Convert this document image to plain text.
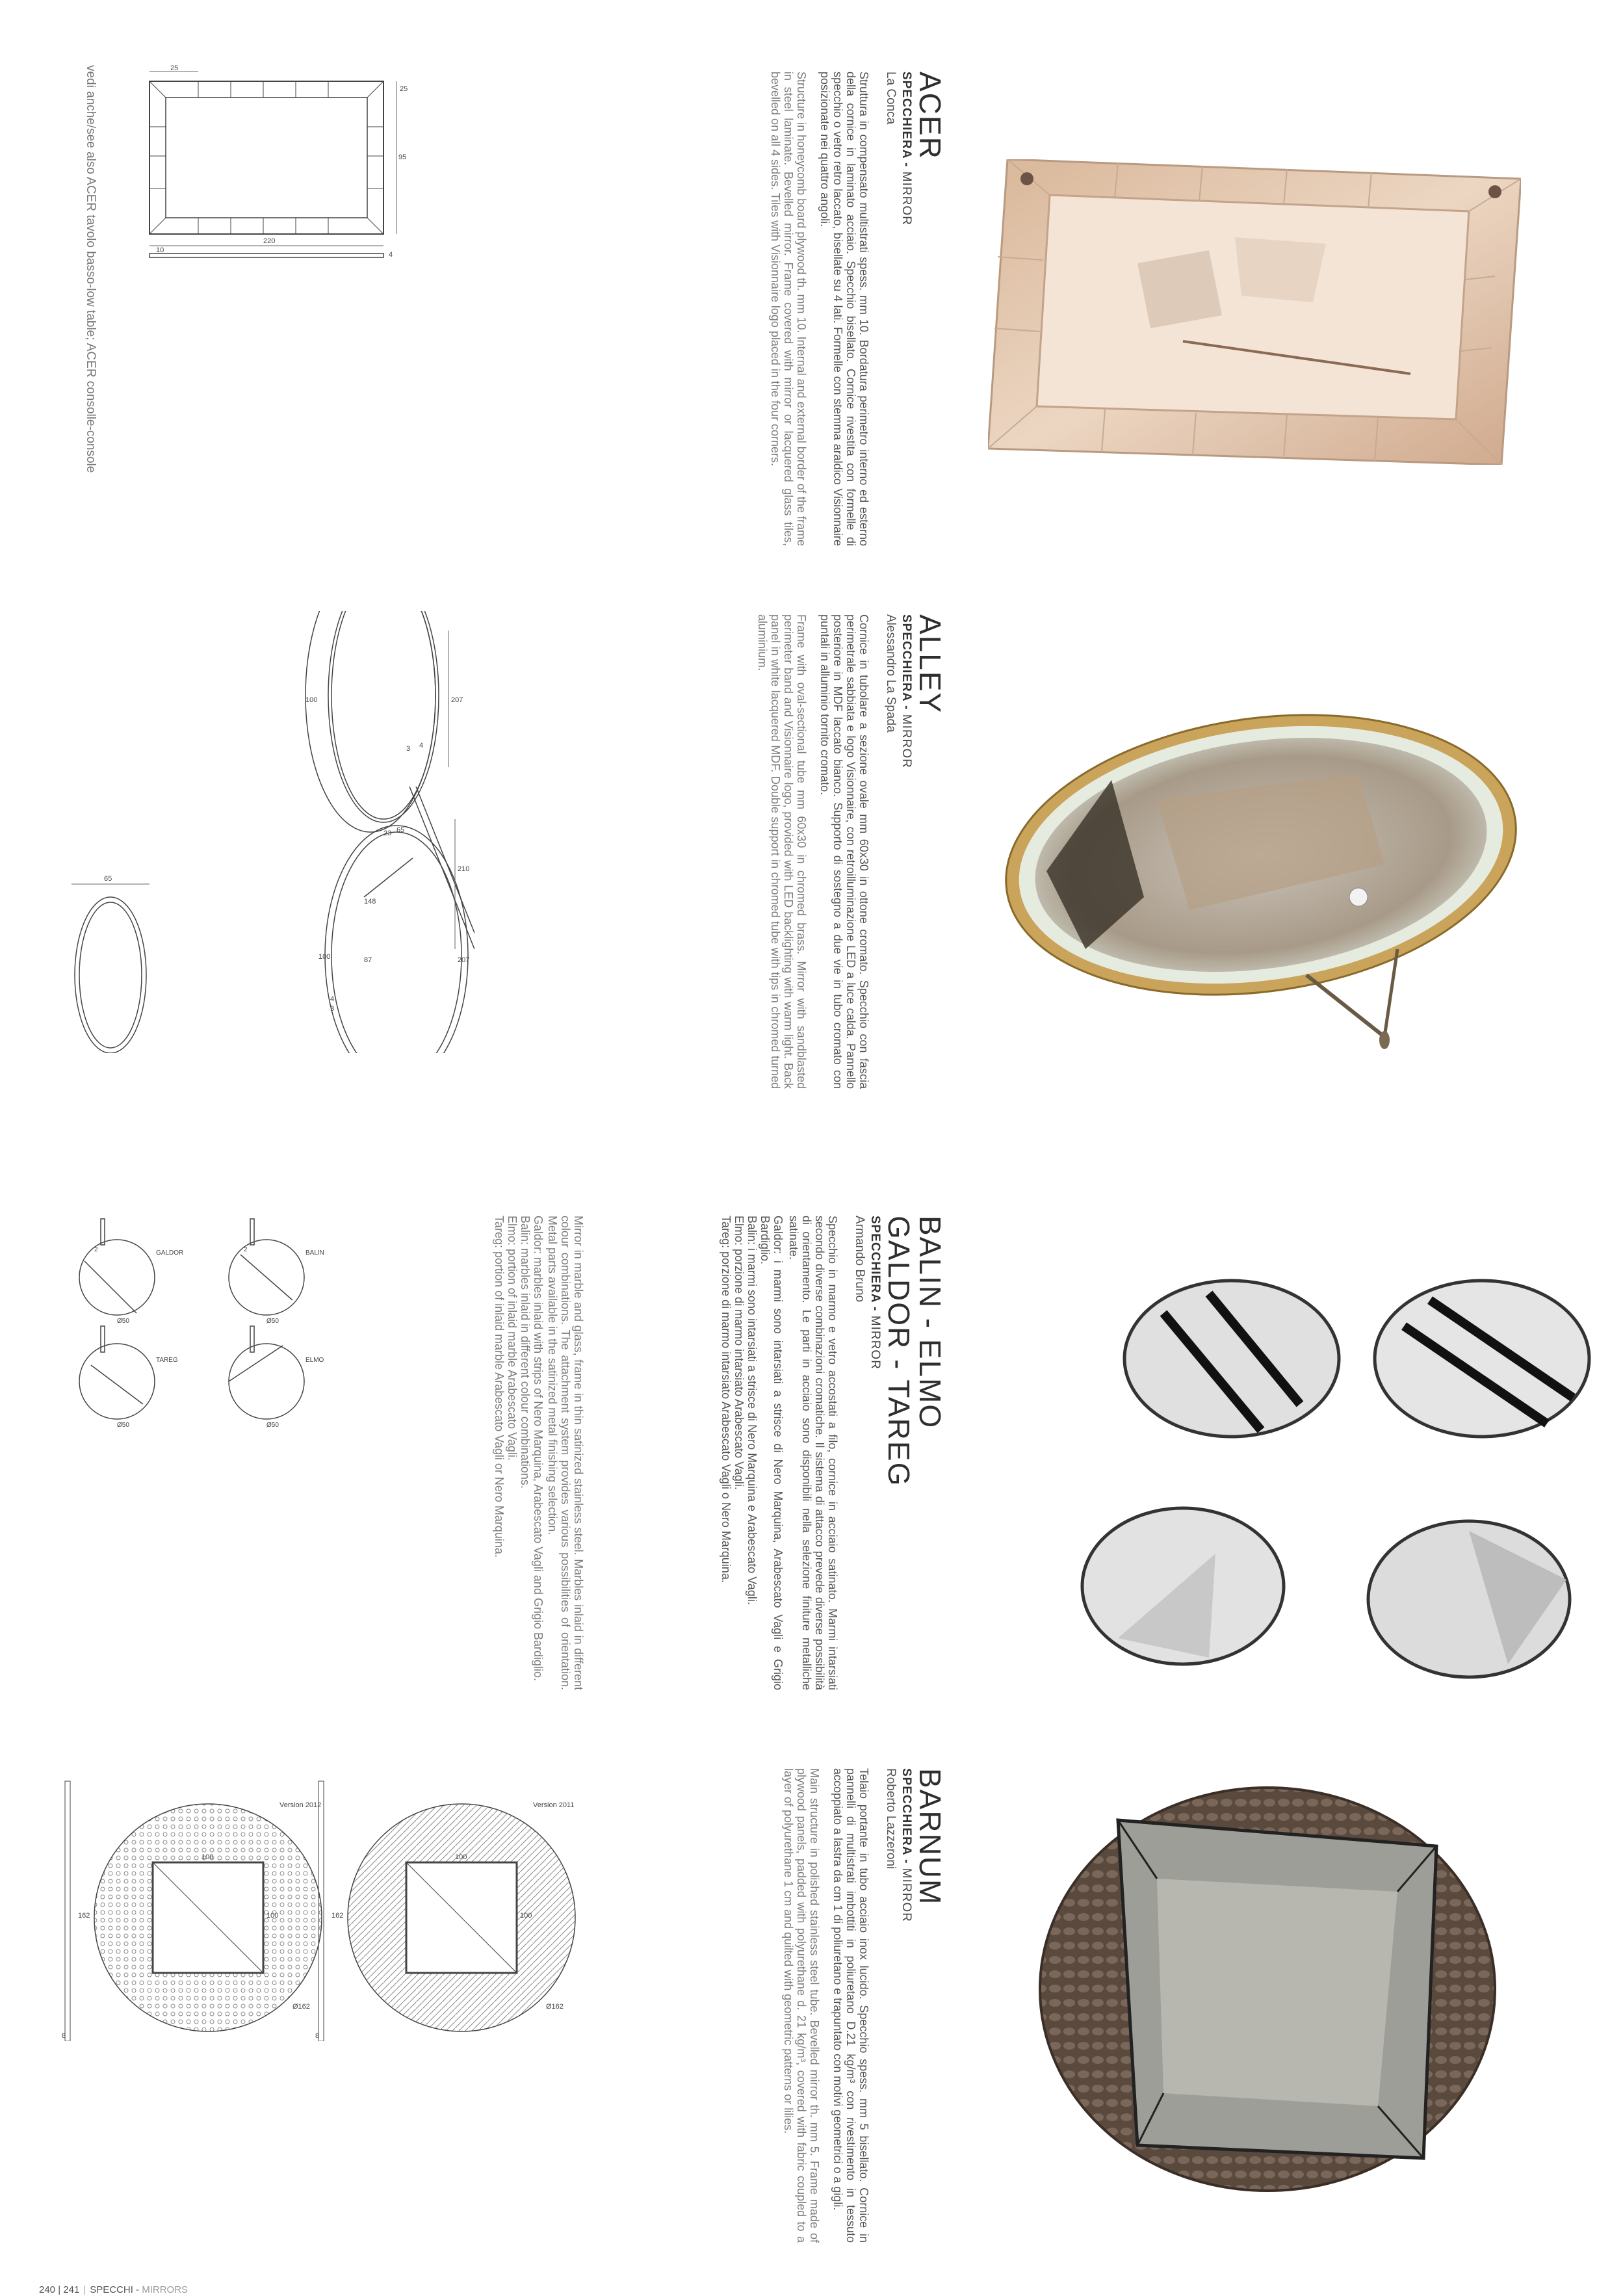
220
95
25
25
10
4
ACER
SPECCHIERA - MIRROR
La Conca
Struttura in compensato multistrati spess. mm 10. Bordatura perimetro interno ed esterno della cornice in laminato acciaio. Specchio bisellato. Cornice rivestita con formelle di specchio o vetro retro laccato, bisellate su 4 lati. Formelle con stemma araldico Visionnaire posizionate nei quattro angoli.
Structure in honeycomb board plywood th. mm 10. Internal and external border of the frame in steel laminate. Bevelled mirror. Frame covered with mirror or lacquered glass tiles, bevelled on all 4 sides. Tiles with Visionnaire logo placed in the four corners.
vedi anche/see also ACER tavolo basso-low table; ACER consolle-console
100	207
4
3
210
65
148
65
207
23
100	87
4
3
ALLEY
SPECCHIERA - MIRROR
Alessandro La Spada
Cornice in tubolare a sezione ovale mm 60x30 in ottone cromato. Specchio con fascia perimetrale sabbiata e logo Visionnaire, con retroilluminazione LED a luce calda. Pannello posteriore in MDF laccato bianco. Supporto di sostegno a due vie in tubo cromato con puntali in alluminio tornito cromato.
Frame with oval-sectional tube mm 60x30 in chromed brass. Mirror with sandblasted perimeter band and Visionnaire logo, provided with LED backlighting with warm light. Back panel in white lacquered MDF. Double support in chromed tube with tips in chromed turned aluminium.
BALIN
ELMO
GALDOR
TAREG
Ø50
Ø50
Ø50
Ø50
2
2	BALIN - ELMO
GALDOR - TAREG
SPECCHIERA - MIRROR
Armando Bruno
Specchio in marmo e vetro accostati a filo, cornice in acciaio satinato. Marmi intarsiati secondo diverse combinazioni cromatiche. Il sistema di attacco prevede diverse possibilità di orientamento. Le parti in acciaio sono disponibili nella selezione finiture metalliche satinate.
Galdor: i marmi sono intarsiati a strisce di Nero Marquina, Arabescato Vagli e Grigio Bardiglio.
Balin: i marmi sono intarsiati a strisce di Nero Marquina e Arabescato Vagli.
Elmo: porzione di marmo intarsiato Arabescato Vagli.
Tareg: porzione di marmo intarsiato Arabescato Vagli o Nero Marquina.
Mirror in marble and glass, frame in thin satinized stainless steel. Marbles inlaid in different colour combinations. The attachment system provides various possibilities of orientation. Metal parts available in the satinized metal finishing selection.
Galdor: marbles inlaid with strips of Nero Marquina, Arabescato Vagli and Grigio Bardiglio.
Balin: marbles inlaid in different colour combinations.
Elmo: portion of inlaid marble Arabescato Vagli.
Tareg: portion of inlaid marble Arabescato Vagli or Nero Marquina.
Version 2011
Version 2012
100
100
100
100	162
162
Ø162
Ø162
8
8
BARNUM
SPECCHIERA - MIRROR
Roberto Lazzeroni
Telaio portante in tubo acciaio inox lucido. Specchio spess. mm 5 bisellato. Cornice in pannelli di multistrati imbottiti in poliuretano D.21 kg/m³ con rivestimento in tessuto accoppiato a lastra da cm 1 di poliuretano e trapuntato con motivi geometrici o a gigli.
Main structure in polished stainless steel tube. Bevelled mirror th. mm 5. Frame made of plywood panels, padded with polyurethane d. 21 kg/m³, covered with fabric coupled to a layer of polyurethane 1 cm and quilted with geometric patterns or lilies.
240 | 241 | SPECCHI - MIRRORS
